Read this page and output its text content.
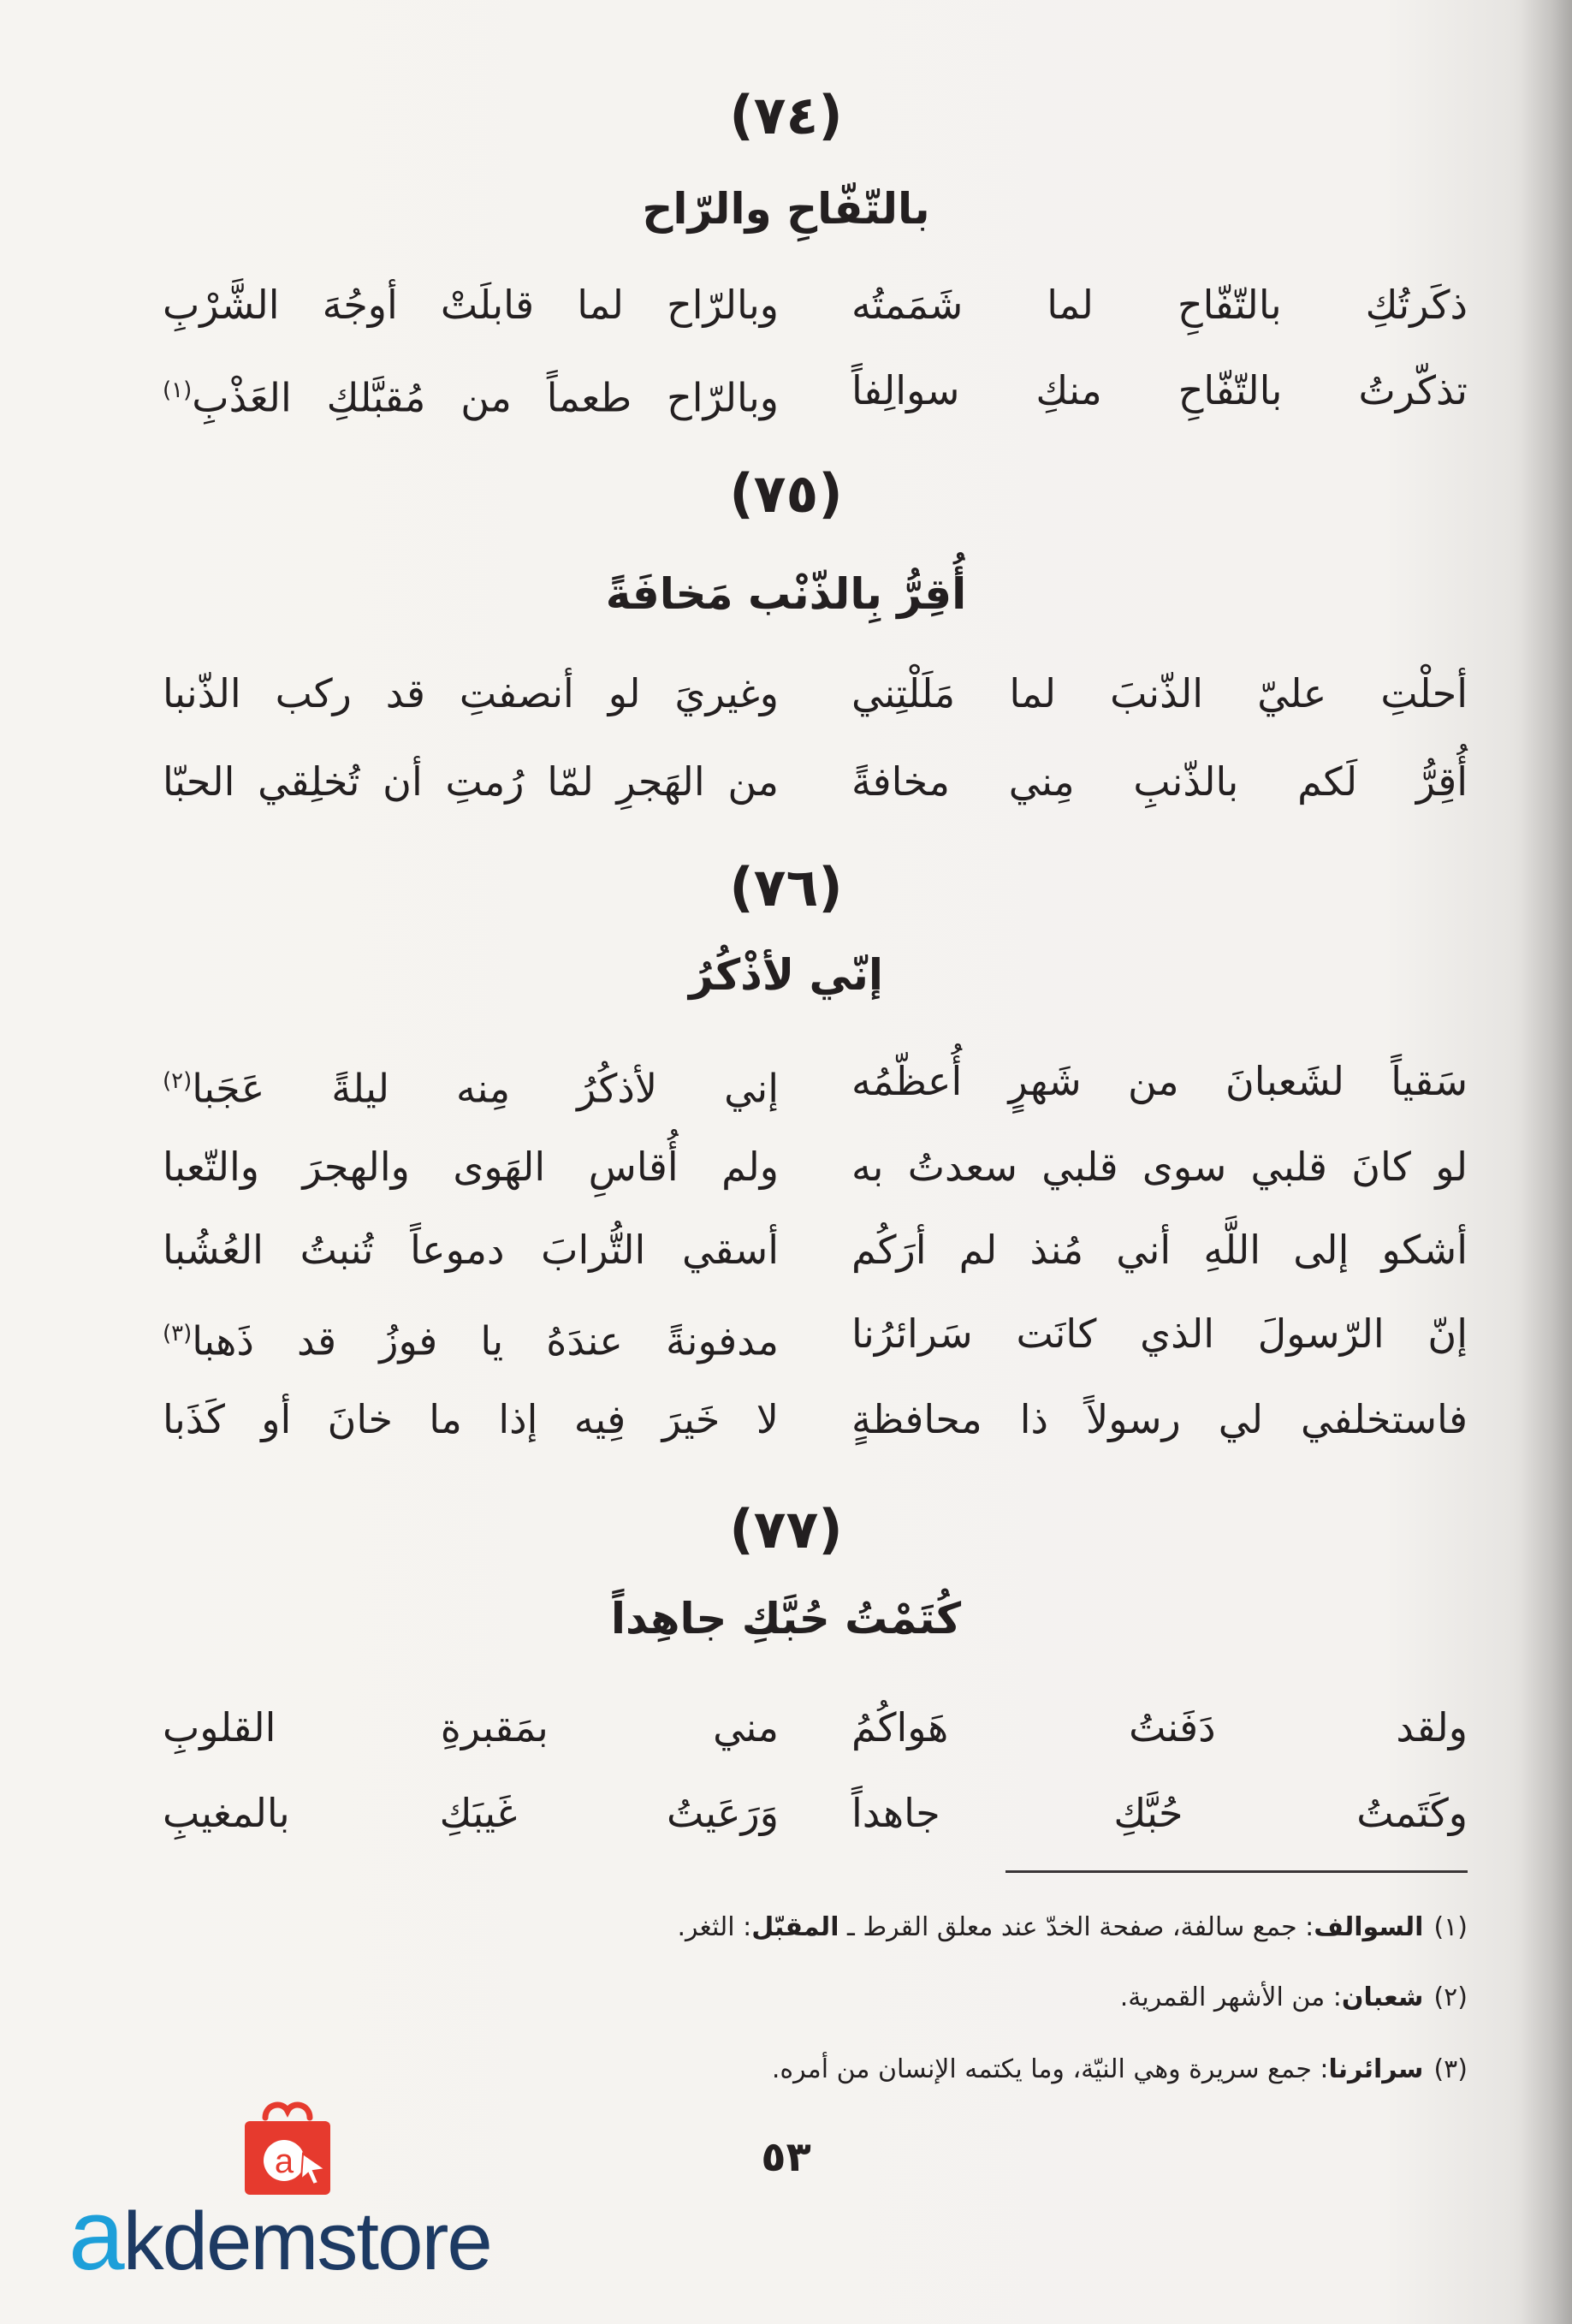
(٧٤)
بالتّفّاحِ والرّاح
ذكَرتُكِ بالتّفّاحِ لما شَمَمتُه
وبالرّاح لما قابلَتْ أوجُهَ الشَّرْبِ
تذكّرتُ بالتّفّاحِ منكِ سوالِفاً
وبالرّاح طعماً من مُقبَّلكِ العَذْبِ$^{(١)}$
(٧٥)
أُقِرُّ بِالذّنْب مَخافَةً
أحلْتِ عليّ الذّنبَ لما مَلَلْتِني
وغيريَ لو أنصفتِ قد ركب الذّنبا
أُقِرُّ لَكم بالذّنبِ مِني مخافةً
من الهَجرِ لمّا رُمتِ أن تُخلِقي الحبّا
(٧٦)
إنّي لأذْكُرُ
سَقياً لشَعبانَ من شَهرٍ أُعظّمُه
إني لأذكُرُ مِنه ليلةً عَجَبا$^{(٢)}$
لو كانَ قلبي سوى قلبي سعدتُ به
ولم أُقاسِ الهَوى والهجرَ والتّعبا
أشكو إلى اللَّهِ أني مُنذ لم أرَكُم
أسقي التُّرابَ دموعاً تُنبتُ العُشُبا
إنّ الرّسولَ الذي كانَت سَرائرُنا
مدفونةً عندَهُ يا فوزُ قد ذَهبا$^{(٣)}$
فاستخلفي لي رسولاً ذا محافظةٍ
لا خَيرَ فِيه إذا ما خانَ أو كَذَبا
(٧٧)
كُتَمْتُ حُبَّكِ جاهِداً
ولقد دَفَنتُ هَواكُمُ
مني بمَقبرةِ القلوبِ
وكَتَمتُ حُبَّكِ جاهداً
وَرَعَيتُ غَيبَكِ بالمغيبِ
(١)السوالف: جمع سالفة، صفحة الخدّ عند معلق القرط ـ المقبّل: الثغر.
(٢)شعبان: من الأشهر القمرية.
(٣)سرائرنا: جمع سريرة وهي النيّة، وما يكتمه الإنسان من أمره.
٥٣
a
akdemstore
